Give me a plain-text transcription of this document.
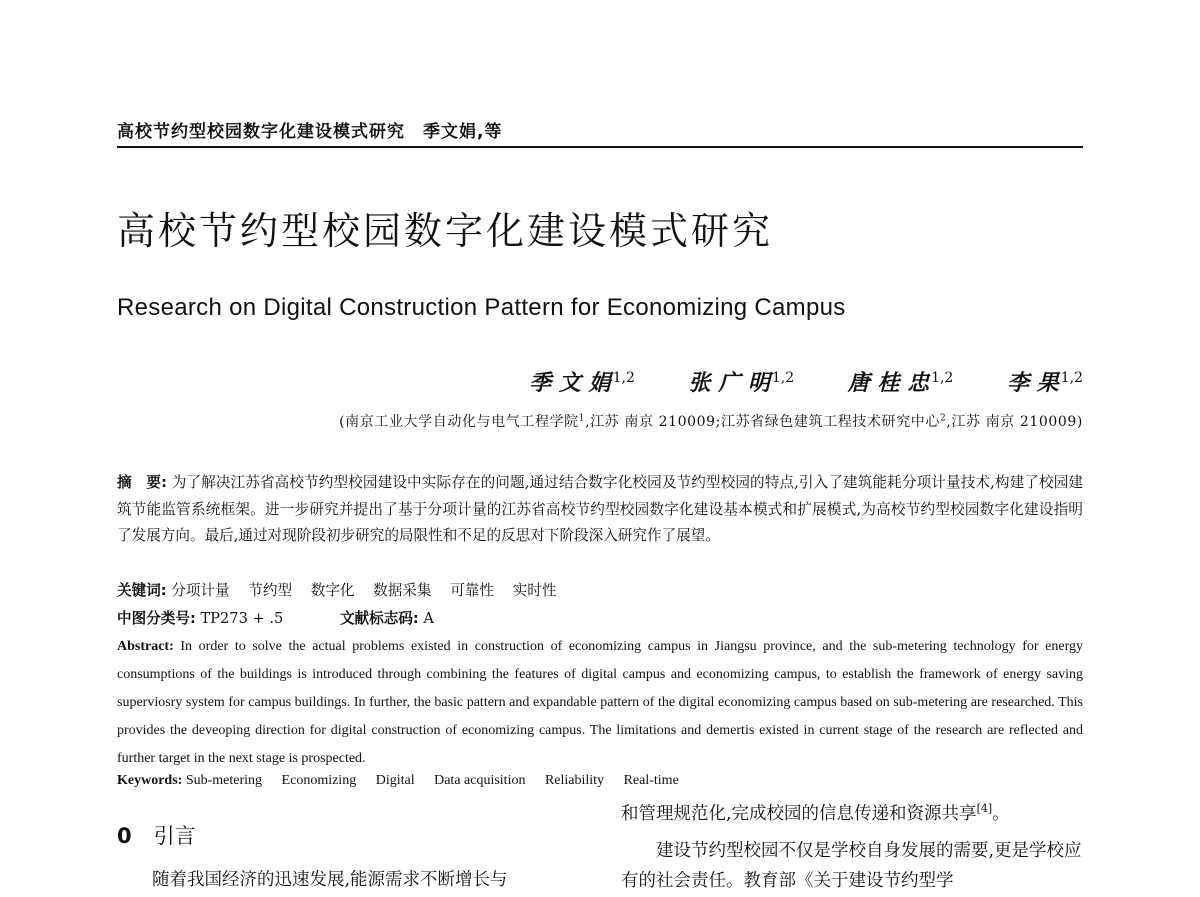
高校节约型校园数字化建设模式研究 季文娟,等
高校节约型校园数字化建设模式研究
Research on Digital Construction Pattern for Economizing Campus
季 文 娟 $^{1,2}$ 张 广 明 $^{1,2}$ 唐 桂 忠 $^{1,2}$ 李 果 $^{1,2}$
(南京工业大学自动化与电气工程学院$^1$,江苏 南京 210009;江苏省绿色建筑工程技术研究中心$^2$,江苏 南京 210009)
摘　要: 为了解决江苏省高校节约型校园建设中实际存在的问题,通过结合数字化校园及节约型校园的特点,引入了建筑能耗分项计量技术,构建了校园建筑节能监管系统框架。进一步研究并提出了基于分项计量的江苏省高校节约型校园数字化建设基本模式和扩展模式,为高校节约型校园数字化建设指明了发展方向。最后,通过对现阶段初步研究的局限性和不足的反思对下阶段深入研究作了展望。
关键词: 分项计量 节约型 数字化 数据采集 可靠性 实时性
中图分类号: TP273 + .5	文献标志码: A
Abstract: In order to solve the actual problems existed in construction of economizing campus in Jiangsu province, and the sub-metering technology for energy consumptions of the buildings is introduced through combining the features of digital campus and economizing campus, to establish the framework of energy saving superviosry system for campus buildings. In further, the basic pattern and expandable pattern of the digital economizing campus based on sub-metering are researched. This provides the deveoping direction for digital construction of economizing campus. The limitations and demertis existed in current stage of the research are reflected and further target in the next stage is prospected.
Keywords: Sub-metering Economizing Digital Data acquisition Reliability Real-time
0 引言
随着我国经济的迅速发展,能源需求不断增长与
和管理规范化,完成校园的信息传递和资源共享[4]。
建设节约型校园不仅是学校自身发展的需要,更是学校应有的社会责任。教育部《关于建设节约型学
